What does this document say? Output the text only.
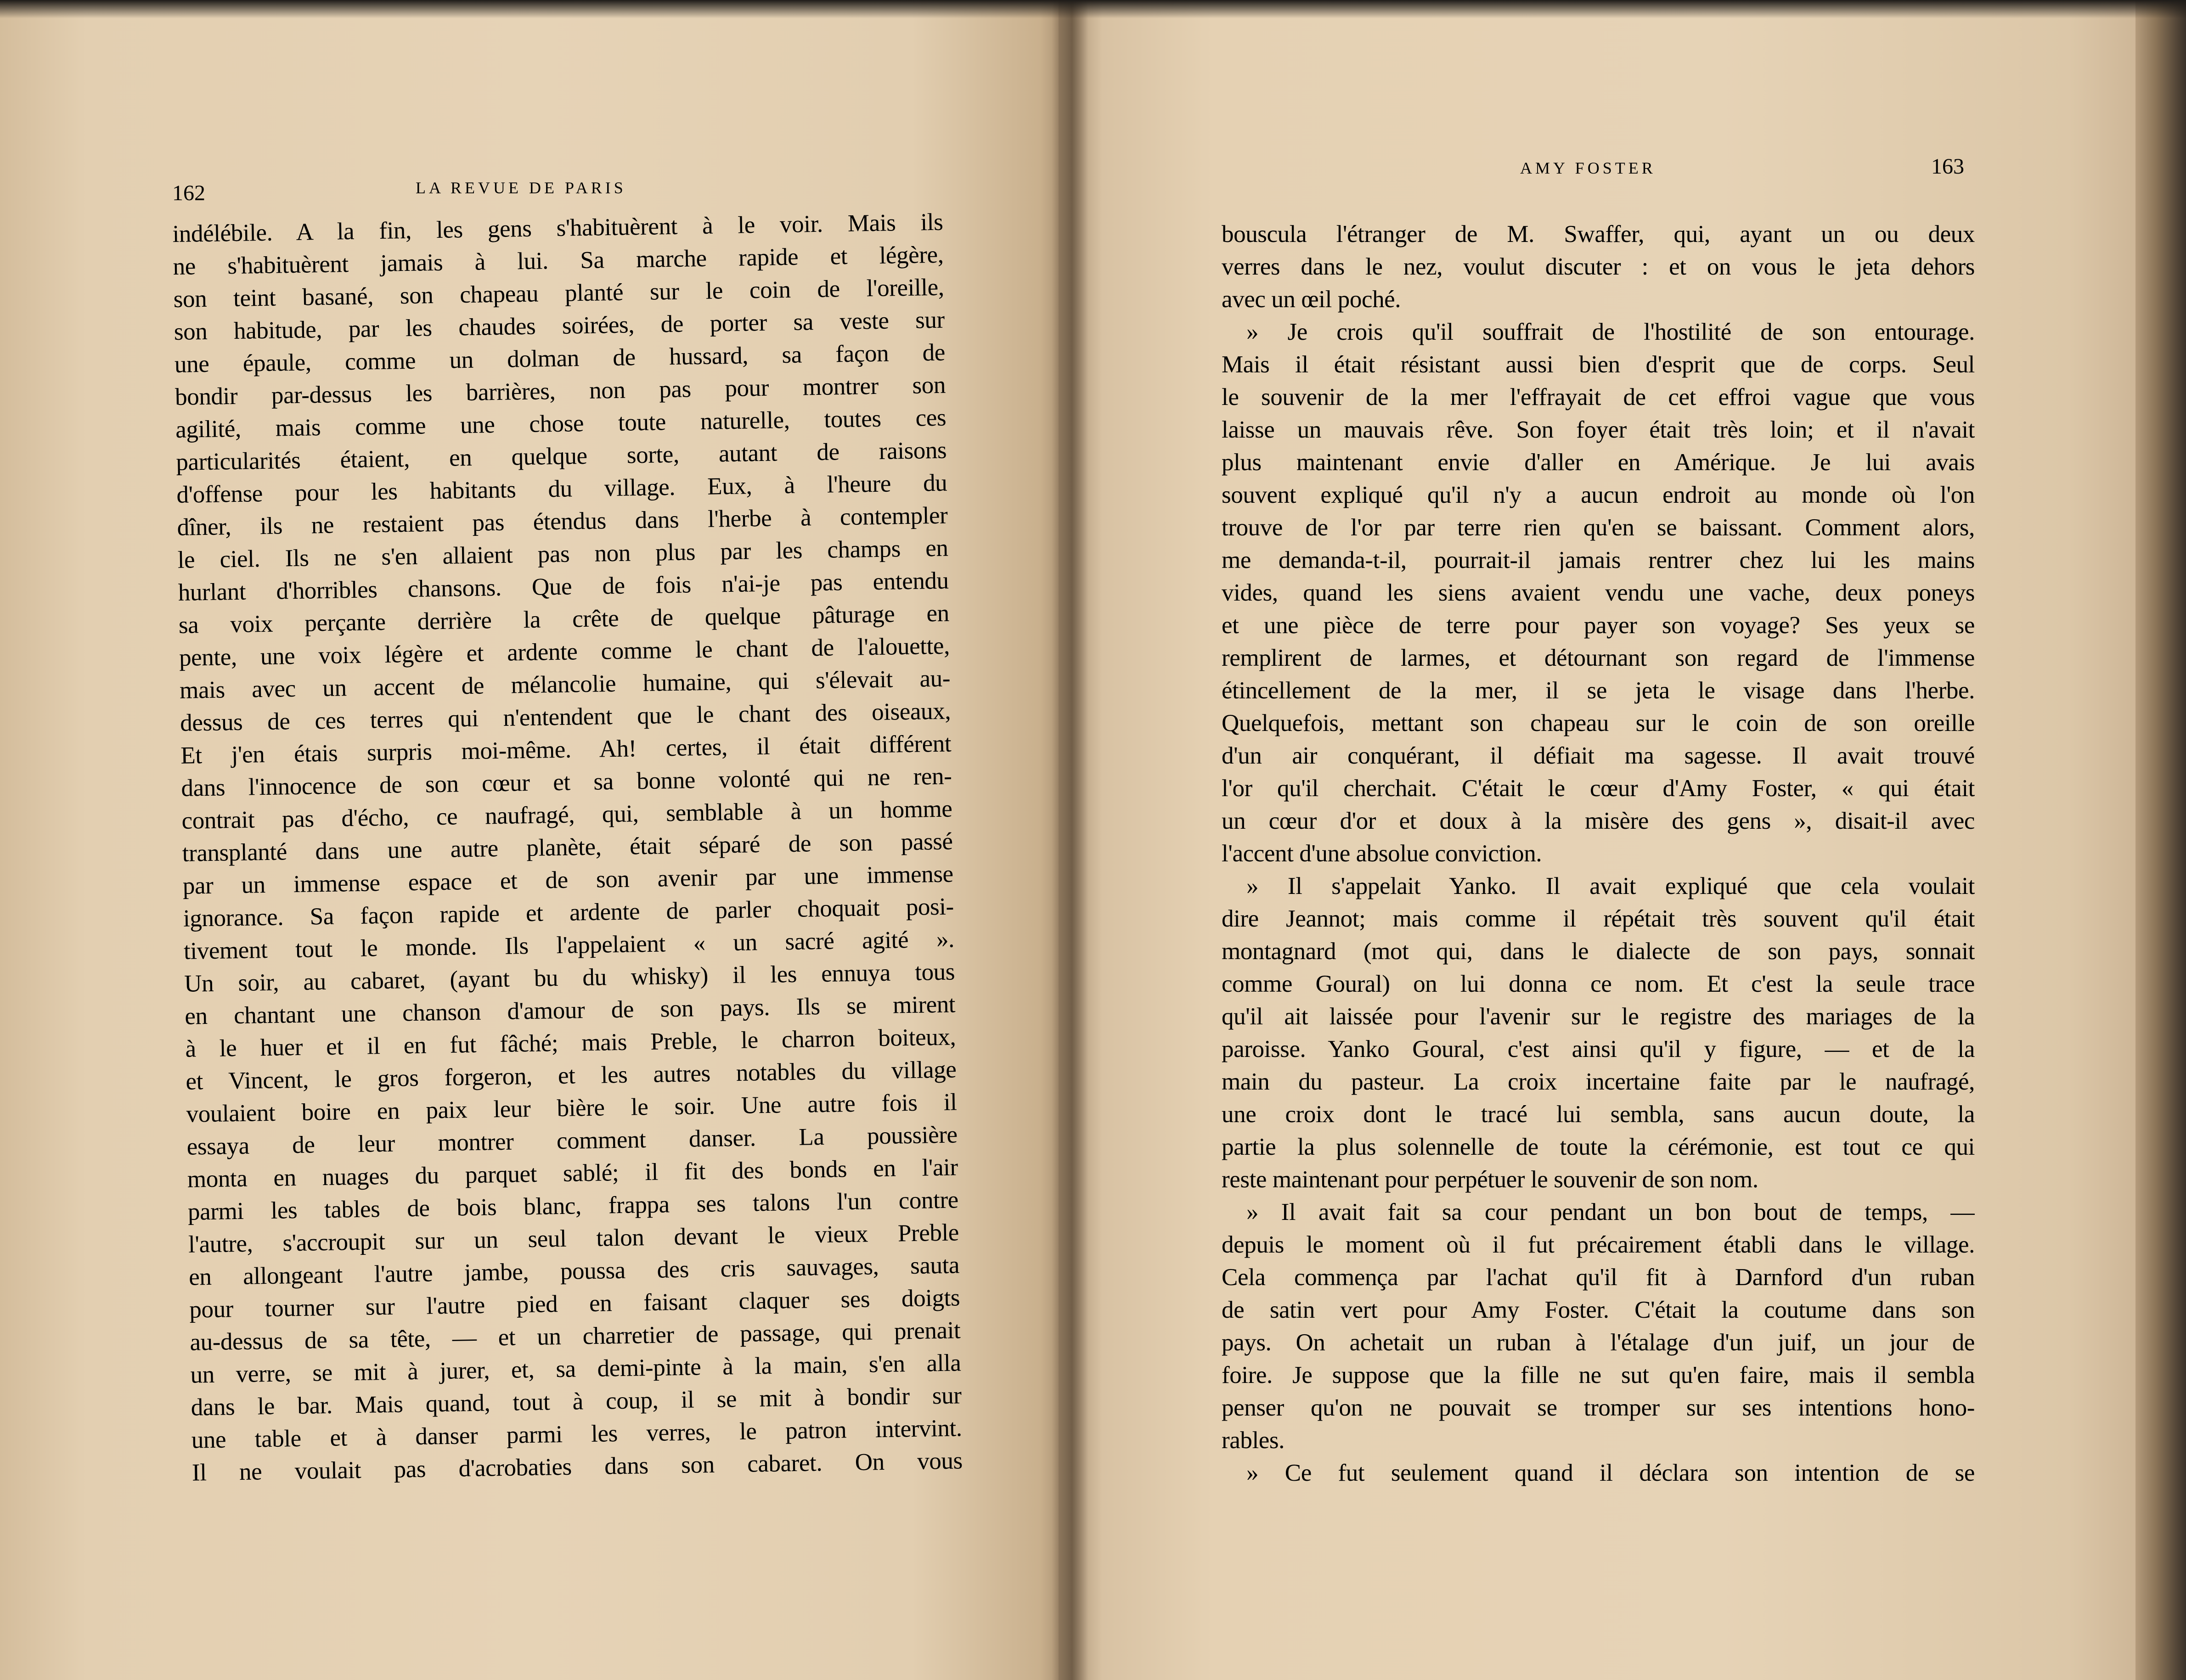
162	LA REVUE DE PARIS
AMY FOSTER	163
indélébile. A la fin, les gens s'habituèrent à le voir. Mais ils
ne s'habituèrent jamais à lui. Sa marche rapide et légère,
son teint basané, son chapeau planté sur le coin de l'oreille,
son habitude, par les chaudes soirées, de porter sa veste sur
une épaule, comme un dolman de hussard, sa façon de
bondir par-dessus les barrières, non pas pour montrer son
agilité, mais comme une chose toute naturelle, toutes ces
particularités étaient, en quelque sorte, autant de raisons
d'offense pour les habitants du village. Eux, à l'heure du
dîner, ils ne restaient pas étendus dans l'herbe à contempler
le ciel. Ils ne s'en allaient pas non plus par les champs en
hurlant d'horribles chansons. Que de fois n'ai-je pas entendu
sa voix perçante derrière la crête de quelque pâturage en
pente, une voix légère et ardente comme le chant de l'alouette,
mais avec un accent de mélancolie humaine, qui s'élevait au-
dessus de ces terres qui n'entendent que le chant des oiseaux,
Et j'en étais surpris moi-même. Ah! certes, il était différent
dans l'innocence de son cœur et sa bonne volonté qui ne ren-
contrait pas d'écho, ce naufragé, qui, semblable à un homme
transplanté dans une autre planète, était séparé de son passé
par un immense espace et de son avenir par une immense
ignorance. Sa façon rapide et ardente de parler choquait posi-
tivement tout le monde. Ils l'appelaient « un sacré agité ».
Un soir, au cabaret, (ayant bu du whisky) il les ennuya tous
en chantant une chanson d'amour de son pays. Ils se mirent
à le huer et il en fut fâché; mais Preble, le charron boiteux,
et Vincent, le gros forgeron, et les autres notables du village
voulaient boire en paix leur bière le soir. Une autre fois il
essaya de leur montrer comment danser. La poussière
monta en nuages du parquet sablé; il fit des bonds en l'air
parmi les tables de bois blanc, frappa ses talons l'un contre
l'autre, s'accroupit sur un seul talon devant le vieux Preble
en allongeant l'autre jambe, poussa des cris sauvages, sauta
pour tourner sur l'autre pied en faisant claquer ses doigts
au-dessus de sa tête, — et un charretier de passage, qui prenait
un verre, se mit à jurer, et, sa demi-pinte à la main, s'en alla
dans le bar. Mais quand, tout à coup, il se mit à bondir sur
une table et à danser parmi les verres, le patron intervint.
Il ne voulait pas d'acrobaties dans son cabaret. On vous
bouscula l'étranger de M. Swaffer, qui, ayant un ou deux
verres dans le nez, voulut discuter : et on vous le jeta dehors
avec un œil poché.
» Je crois qu'il souffrait de l'hostilité de son entourage.
Mais il était résistant aussi bien d'esprit que de corps. Seul
le souvenir de la mer l'effrayait de cet effroi vague que vous
laisse un mauvais rêve. Son foyer était très loin; et il n'avait
plus maintenant envie d'aller en Amérique. Je lui avais
souvent expliqué qu'il n'y a aucun endroit au monde où l'on
trouve de l'or par terre rien qu'en se baissant. Comment alors,
me demanda-t-il, pourrait-il jamais rentrer chez lui les mains
vides, quand les siens avaient vendu une vache, deux poneys
et une pièce de terre pour payer son voyage? Ses yeux se
remplirent de larmes, et détournant son regard de l'immense
étincellement de la mer, il se jeta le visage dans l'herbe.
Quelquefois, mettant son chapeau sur le coin de son oreille
d'un air conquérant, il défiait ma sagesse. Il avait trouvé
l'or qu'il cherchait. C'était le cœur d'Amy Foster, « qui était
un cœur d'or et doux à la misère des gens », disait-il avec
l'accent d'une absolue conviction.
» Il s'appelait Yanko. Il avait expliqué que cela voulait
dire Jeannot; mais comme il répétait très souvent qu'il était
montagnard (mot qui, dans le dialecte de son pays, sonnait
comme Goural) on lui donna ce nom. Et c'est la seule trace
qu'il ait laissée pour l'avenir sur le registre des mariages de la
paroisse. Yanko Goural, c'est ainsi qu'il y figure, — et de la
main du pasteur. La croix incertaine faite par le naufragé,
une croix dont le tracé lui sembla, sans aucun doute, la
partie la plus solennelle de toute la cérémonie, est tout ce qui
reste maintenant pour perpétuer le souvenir de son nom.
» Il avait fait sa cour pendant un bon bout de temps, —
depuis le moment où il fut précairement établi dans le village.
Cela commença par l'achat qu'il fit à Darnford d'un ruban
de satin vert pour Amy Foster. C'était la coutume dans son
pays. On achetait un ruban à l'étalage d'un juif, un jour de
foire. Je suppose que la fille ne sut qu'en faire, mais il sembla
penser qu'on ne pouvait se tromper sur ses intentions hono-
rables.
» Ce fut seulement quand il déclara son intention de se
